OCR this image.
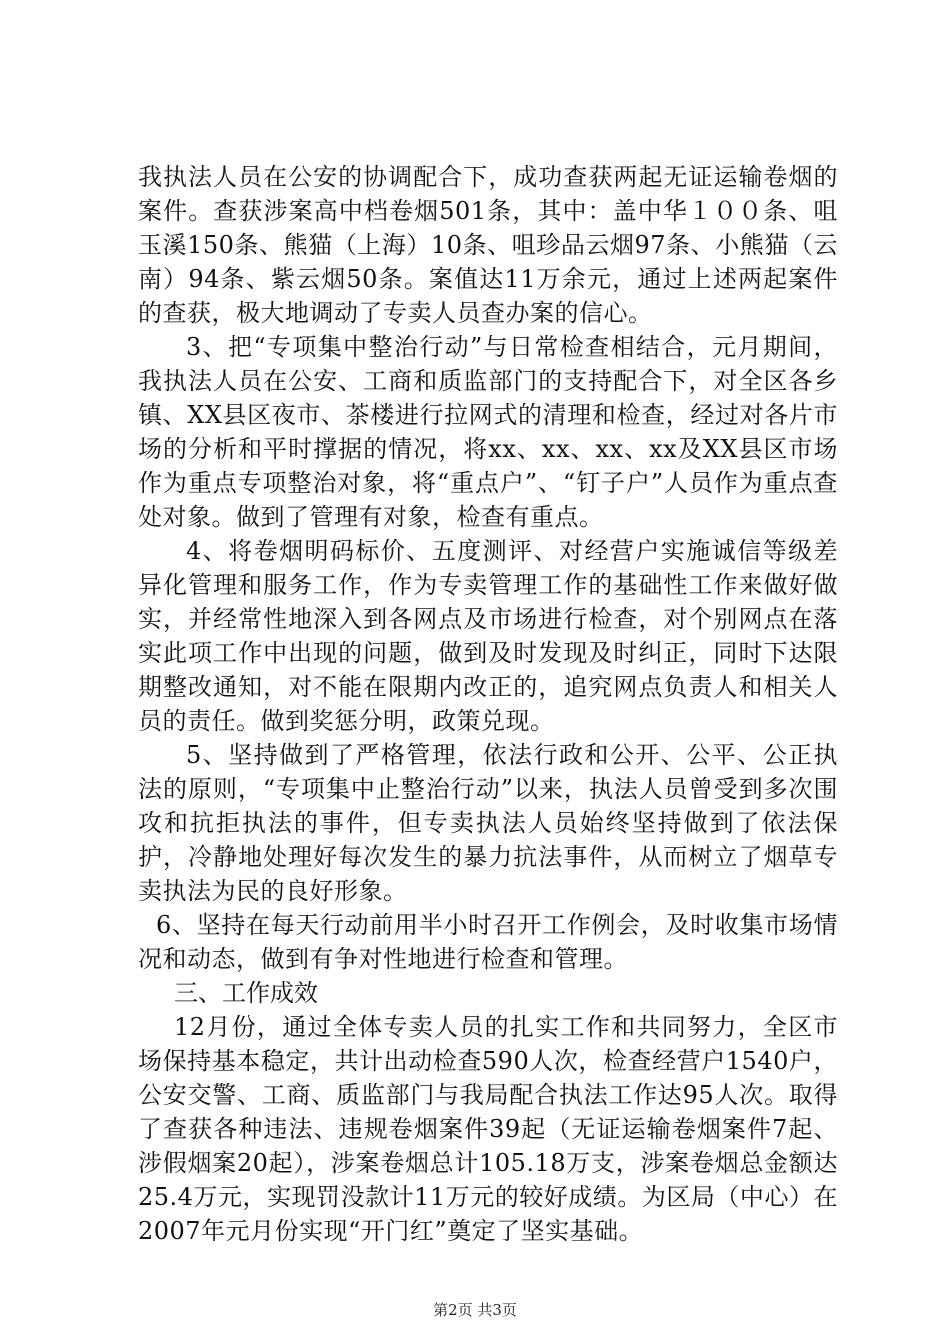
我执法人员在公安的协调配合下，成功查获两起无证运输卷烟的案件。查获涉案高中档卷烟501条，其中：盖中华１００条、咀玉溪150条、熊猫（上海）10条、咀珍品云烟97条、小熊猫（云南）94条、紫云烟50条。案值达11万余元，通过上述两起案件的查获，极大地调动了专卖人员查办案的信心。

3、把“专项集中整治行动”与日常检查相结合，元月期间，我执法人员在公安、工商和质监部门的支持配合下，对全区各乡镇、XX县区夜市、茶楼进行拉网式的清理和检查，经过对各片市场的分析和平时撑据的情况，将xx、xx、xx、xx及XX县区市场作为重点专项整治对象，将“重点户”、“钉子户”人员作为重点查处对象。做到了管理有对象，检查有重点。

4、将卷烟明码标价、五度测评、对经营户实施诚信等级差异化管理和服务工作，作为专卖管理工作的基础性工作来做好做实，并经常性地深入到各网点及市场进行检查，对个别网点在落实此项工作中出现的问题，做到及时发现及时纠正，同时下达限期整改通知，对不能在限期内改正的，追究网点负责人和相关人员的责任。做到奖惩分明，政策兑现。

5、坚持做到了严格管理，依法行政和公开、公平、公正执法的原则，“专项集中止整治行动”以来，执法人员曾受到多次围攻和抗拒执法的事件，但专卖执法人员始终坚持做到了依法保护，冷静地处理好每次发生的暴力抗法事件，从而树立了烟草专卖执法为民的良好形象。

6、坚持在每天行动前用半小时召开工作例会，及时收集市场情况和动态，做到有争对性地进行检查和管理。

三、工作成效

12月份，通过全体专卖人员的扎实工作和共同努力，全区市场保持基本稳定，共计出动检查590人次，检查经营户1540户，公安交警、工商、质监部门与我局配合执法工作达95人次。取得了查获各种违法、违规卷烟案件39起（无证运输卷烟案件7起、涉假烟案20起），涉案卷烟总计105.18万支，涉案卷烟总金额达25.4万元，实现罚没款计11万元的较好成绩。为区局（中心）在2007年元月份实现“开门红”奠定了坚实基础。

第2页 共3页
